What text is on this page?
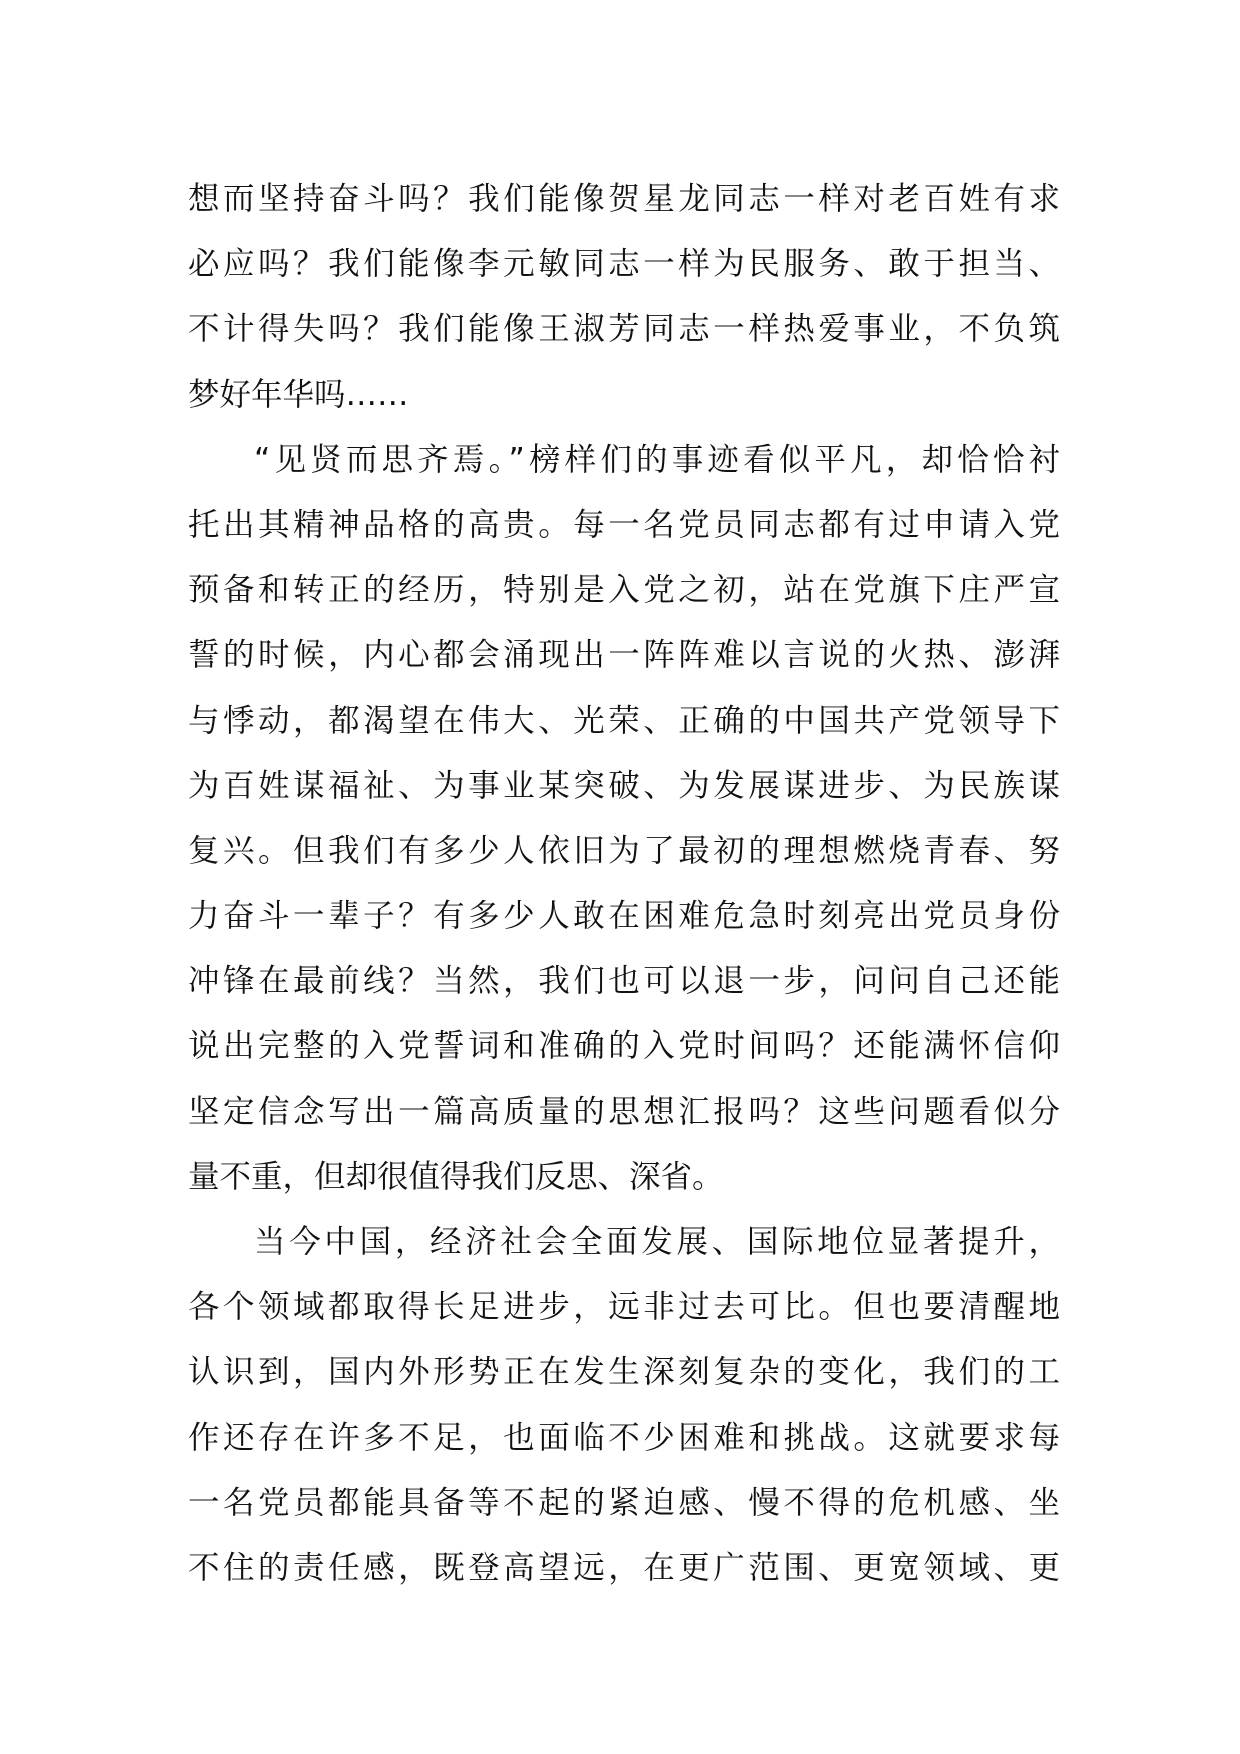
想而坚持奋斗吗？我们能像贺星龙同志一样对老百姓有求
必应吗？我们能像李元敏同志一样为民服务、敢于担当、
不计得失吗？我们能像王淑芳同志一样热爱事业，不负筑
梦好年华吗……
“见贤而思齐焉。”榜样们的事迹看似平凡，却恰恰衬
托出其精神品格的高贵。每一名党员同志都有过申请入党
预备和转正的经历，特别是入党之初，站在党旗下庄严宣
誓的时候，内心都会涌现出一阵阵难以言说的火热、澎湃
与悸动，都渴望在伟大、光荣、正确的中国共产党领导下
为百姓谋福祉、为事业某突破、为发展谋进步、为民族谋
复兴。但我们有多少人依旧为了最初的理想燃烧青春、努
力奋斗一辈子？有多少人敢在困难危急时刻亮出党员身份
冲锋在最前线？当然，我们也可以退一步，问问自己还能
说出完整的入党誓词和准确的入党时间吗？还能满怀信仰
坚定信念写出一篇高质量的思想汇报吗？这些问题看似分
量不重，但却很值得我们反思、深省。
当今中国，经济社会全面发展、国际地位显著提升，
各个领域都取得长足进步，远非过去可比。但也要清醒地
认识到，国内外形势正在发生深刻复杂的变化，我们的工
作还存在许多不足，也面临不少困难和挑战。这就要求每
一名党员都能具备等不起的紧迫感、慢不得的危机感、坐
不住的责任感，既登高望远，在更广范围、更宽领域、更
